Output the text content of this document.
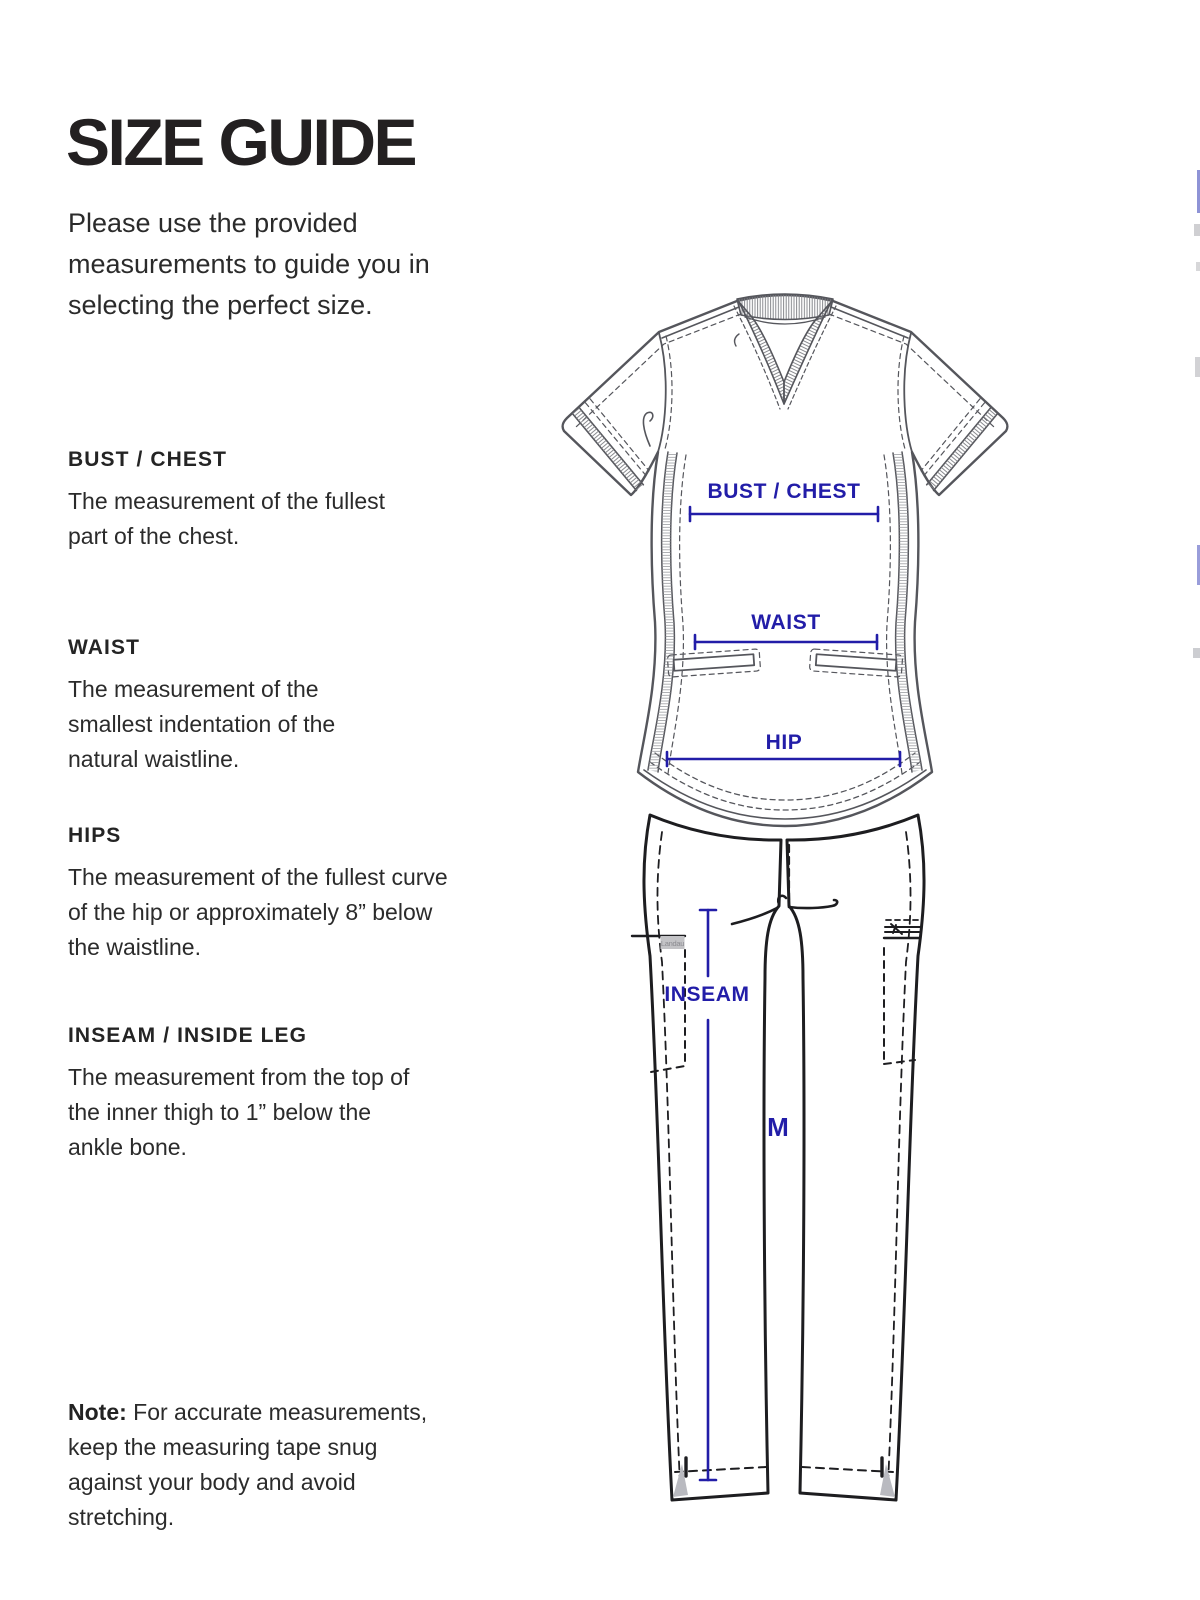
Landau
SIZE GUIDE

Please use the provided measurements to guide you in selecting the perfect size.

BUST / CHEST

The measurement of the fullest part of the chest.

WAIST

The measurement of the smallest indentation of the natural waistline.

HIPS

The measurement of the fullest curve of the hip or approximately 8” below the waistline.

INSEAM / INSIDE LEG

The measurement from the top of the inner thigh to 1” below the ankle bone.

Note: For accurate measurements, keep the measuring tape snug against your body and avoid stretching.

BUST / CHEST
WAIST
HIP
INSEAM
M
